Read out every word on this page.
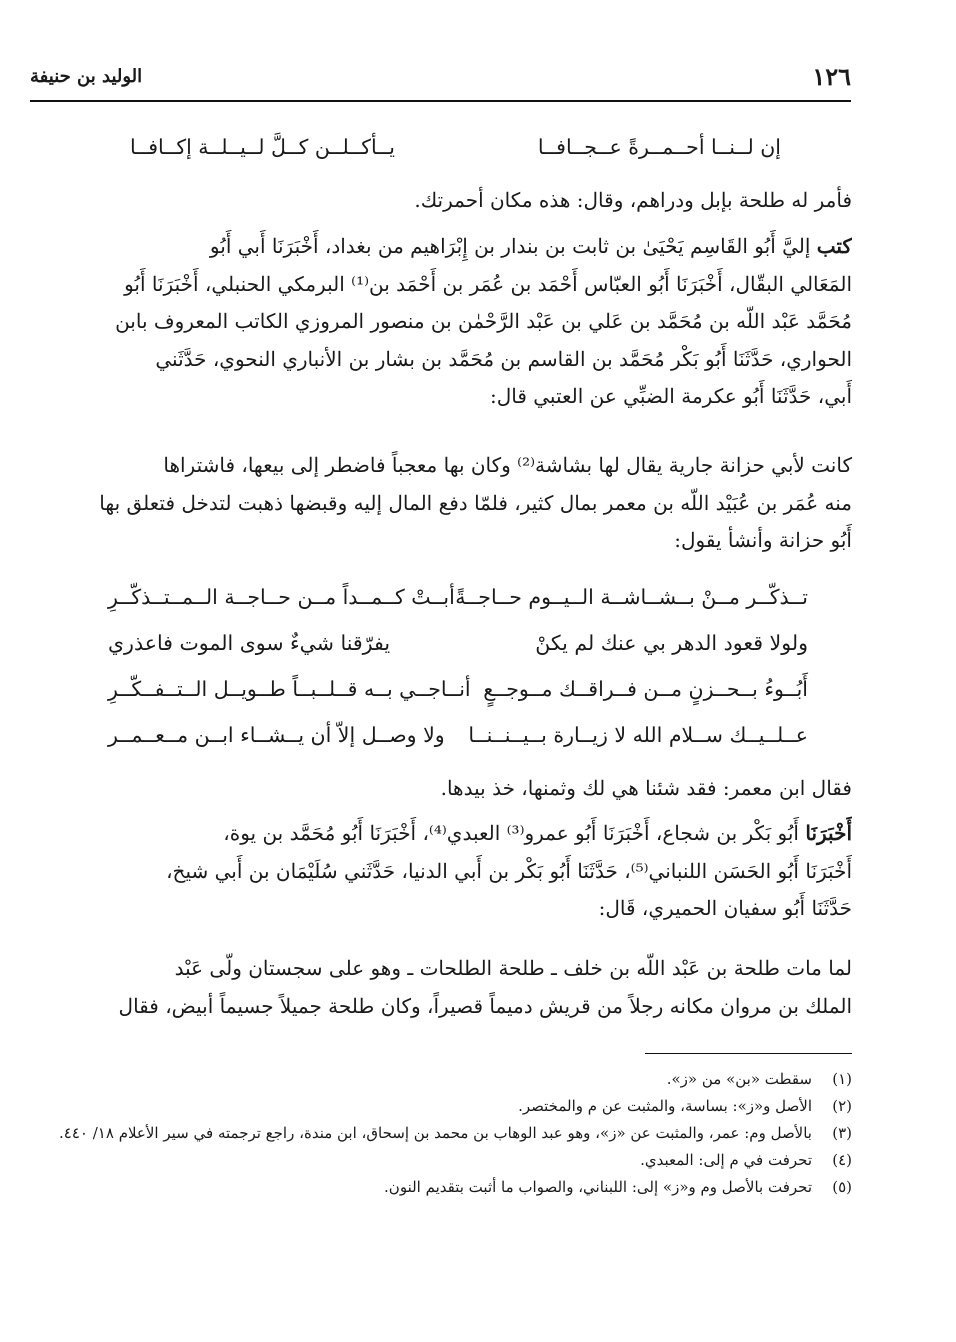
١٢٦
الوليد بن حنيفة
إن لــنــا أحــمــرةً عــجــافــا
يــأكــلــن كــلَّ لــيــلــة إكــافــا
فأمر له طلحة بإبل ودراهم، وقال: هذه مكان أحمرتك.
كتب إليَّ أَبُو القَاسِم يَحْيَىٰ بن ثابت بن بندار بن إِبْرَاهيم من بغداد، أَخْبَرَنَا أَبي أَبُو
المَعَالي البقّال، أَخْبَرَنَا أَبُو العبّاس أَحْمَد بن عُمَر بن أَحْمَد بن⁽¹⁾ البرمكي الحنبلي، أَخْبَرَنَا أَبُو
مُحَمَّد عَبْد اللّه بن مُحَمَّد بن عَلي بن عَبْد الرَّحْمٰن بن منصور المروزي الكاتب المعروف بابن
الحواري، حَدَّثَنَا أَبُو بَكْر مُحَمَّد بن القاسم بن مُحَمَّد بن بشار بن الأنباري النحوي، حَدَّثَني
أَبي، حَدَّثَنَا أَبُو عكرمة الضبِّي عن العتبي قال:
كانت لأبي حزانة جارية يقال لها بشاشة⁽²⁾ وكان بها معجباً فاضطر إلى بيعها، فاشتراها
منه عُمَر بن عُبَيْد اللّه بن معمر بمال كثير، فلمّا دفع المال إليه وقبضها ذهبت لتدخل فتعلق بها
أَبُو حزانة وأنشأ يقول:
تــذكّــر مــنْ بــشــاشــة الــيــوم حــاجــةً
أبــتْ كــمــداً مــن حــاجــة الــمــتــذكّــرِ
ولولا قعود الدهر بي عنك لم يكنْ
يفرّقنا شيءٌ سوى الموت فاعذري
أَبُــوءُ بــحــزنٍ مــن فــراقــك مــوجــعٍ
أنــاجــي بــه قــلــبــاً طــويــل الــتــفــكّــرِ
عــلــيــك ســلام الله لا زيــارة بــيــنــنــا
ولا وصــل إلاّ أن يــشــاء ابــن مــعــمــر
فقال ابن معمر: فقد شئنا هي لك وثمنها، خذ بيدها.
أَخْبَرَنَا أَبُو بَكْر بن شجاع، أَخْبَرَنَا أَبُو عمرو⁽³⁾ العبدي⁽⁴⁾، أَخْبَرَنَا أَبُو مُحَمَّد بن يوة،
أَخْبَرَنَا أَبُو الحَسَن اللنباني⁽⁵⁾، حَدَّثَنَا أَبُو بَكْر بن أَبي الدنيا، حَدَّثَني سُلَيْمَان بن أَبي شيخ،
حَدَّثَنَا أَبُو سفيان الحميري، قَال:
لما مات طلحة بن عَبْد اللّه بن خلف ـ طلحة الطلحات ـ وهو على سجستان ولّى عَبْد
الملك بن مروان مكانه رجلاً من قريش دميماً قصيراً، وكان طلحة جميلاً جسيماً أبيض، فقال
(١)
سقطت «بن» من «ز».
(٢)
الأصل و«ز»: بساسة، والمثبت عن م والمختصر.
(٣)
بالأصل وم: عمر، والمثبت عن «ز»، وهو عبد الوهاب بن محمد بن إسحاق، ابن مندة، راجع ترجمته في سير الأعلام ١٨/ ٤٤٠.
(٤)
تحرفت في م إلى: المعبدي.
(٥)
تحرفت بالأصل وم و«ز» إلى: اللبناني، والصواب ما أثبت بتقديم النون.
